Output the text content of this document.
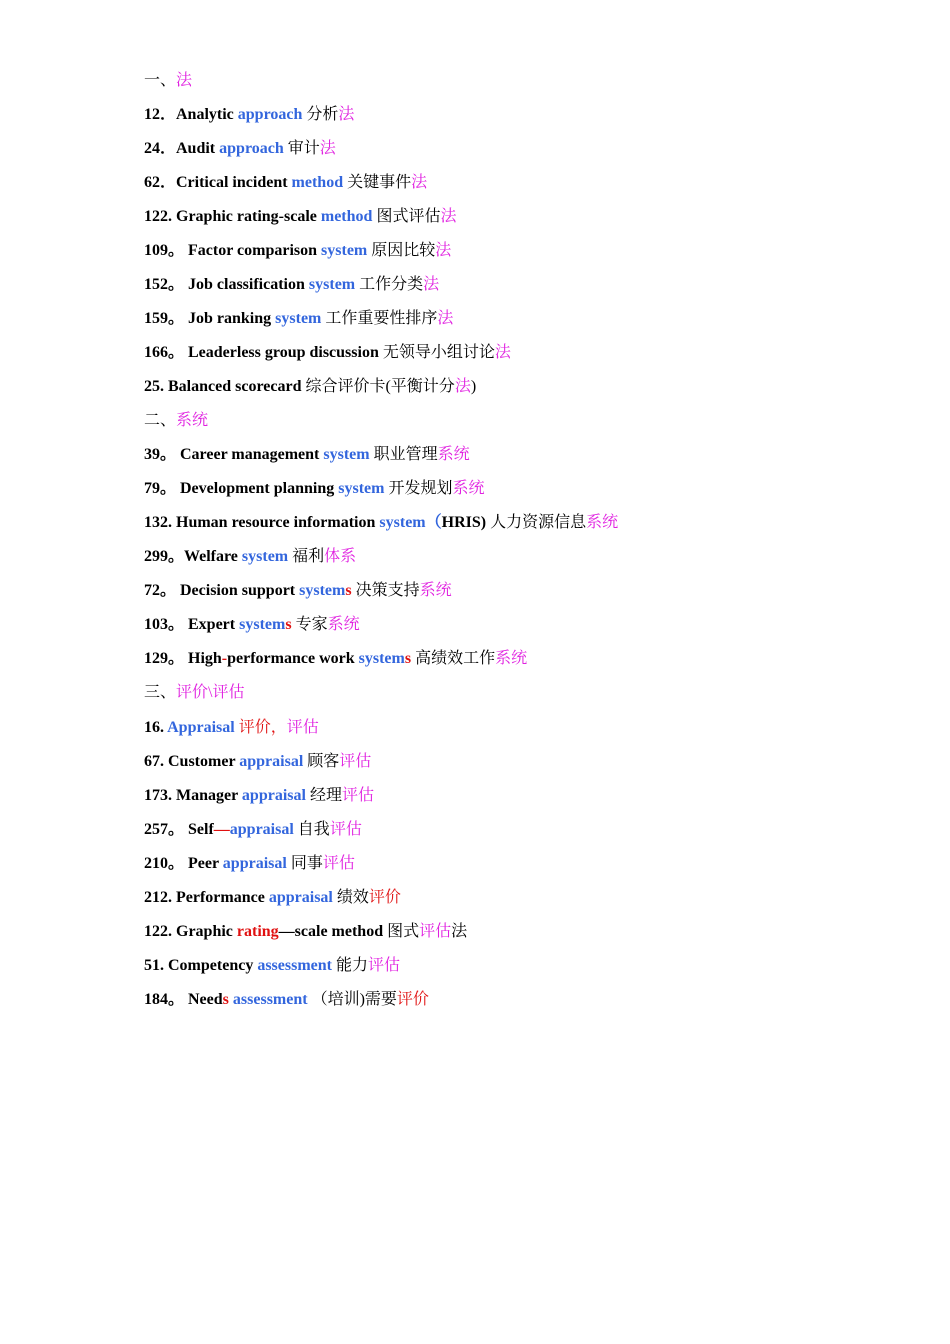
一、法
12．Analytic approach 分析法
24．Audit approach 审计法
62．Critical incident method 关键事件法
122. Graphic rating-scale method 图式评估法
109。 Factor comparison system 原因比较法
152。 Job classification system 工作分类法
159。 Job ranking system 工作重要性排序法
166。 Leaderless group discussion 无领导小组讨论法
25. Balanced scorecard 综合评价卡(平衡计分法)
二、系统
39。 Career management system 职业管理系统
79。 Development planning system 开发规划系统
132. Human resource information system（HRIS) 人力资源信息系统
299。Welfare system 福利体系
72。 Decision support systems 决策支持系统
103。 Expert systems 专家系统
129。 High-performance work systems 高绩效工作系统
三、评价\评估
16. Appraisal 评价，评估
67. Customer appraisal 顾客评估
173. Manager appraisal 经理评估
257。 Self—appraisal 自我评估
210。 Peer appraisal 同事评估
212. Performance appraisal 绩效评价
122. Graphic rating—scale method 图式评估法
51. Competency assessment 能力评估
184。 Needs assessment （培训)需要评价
